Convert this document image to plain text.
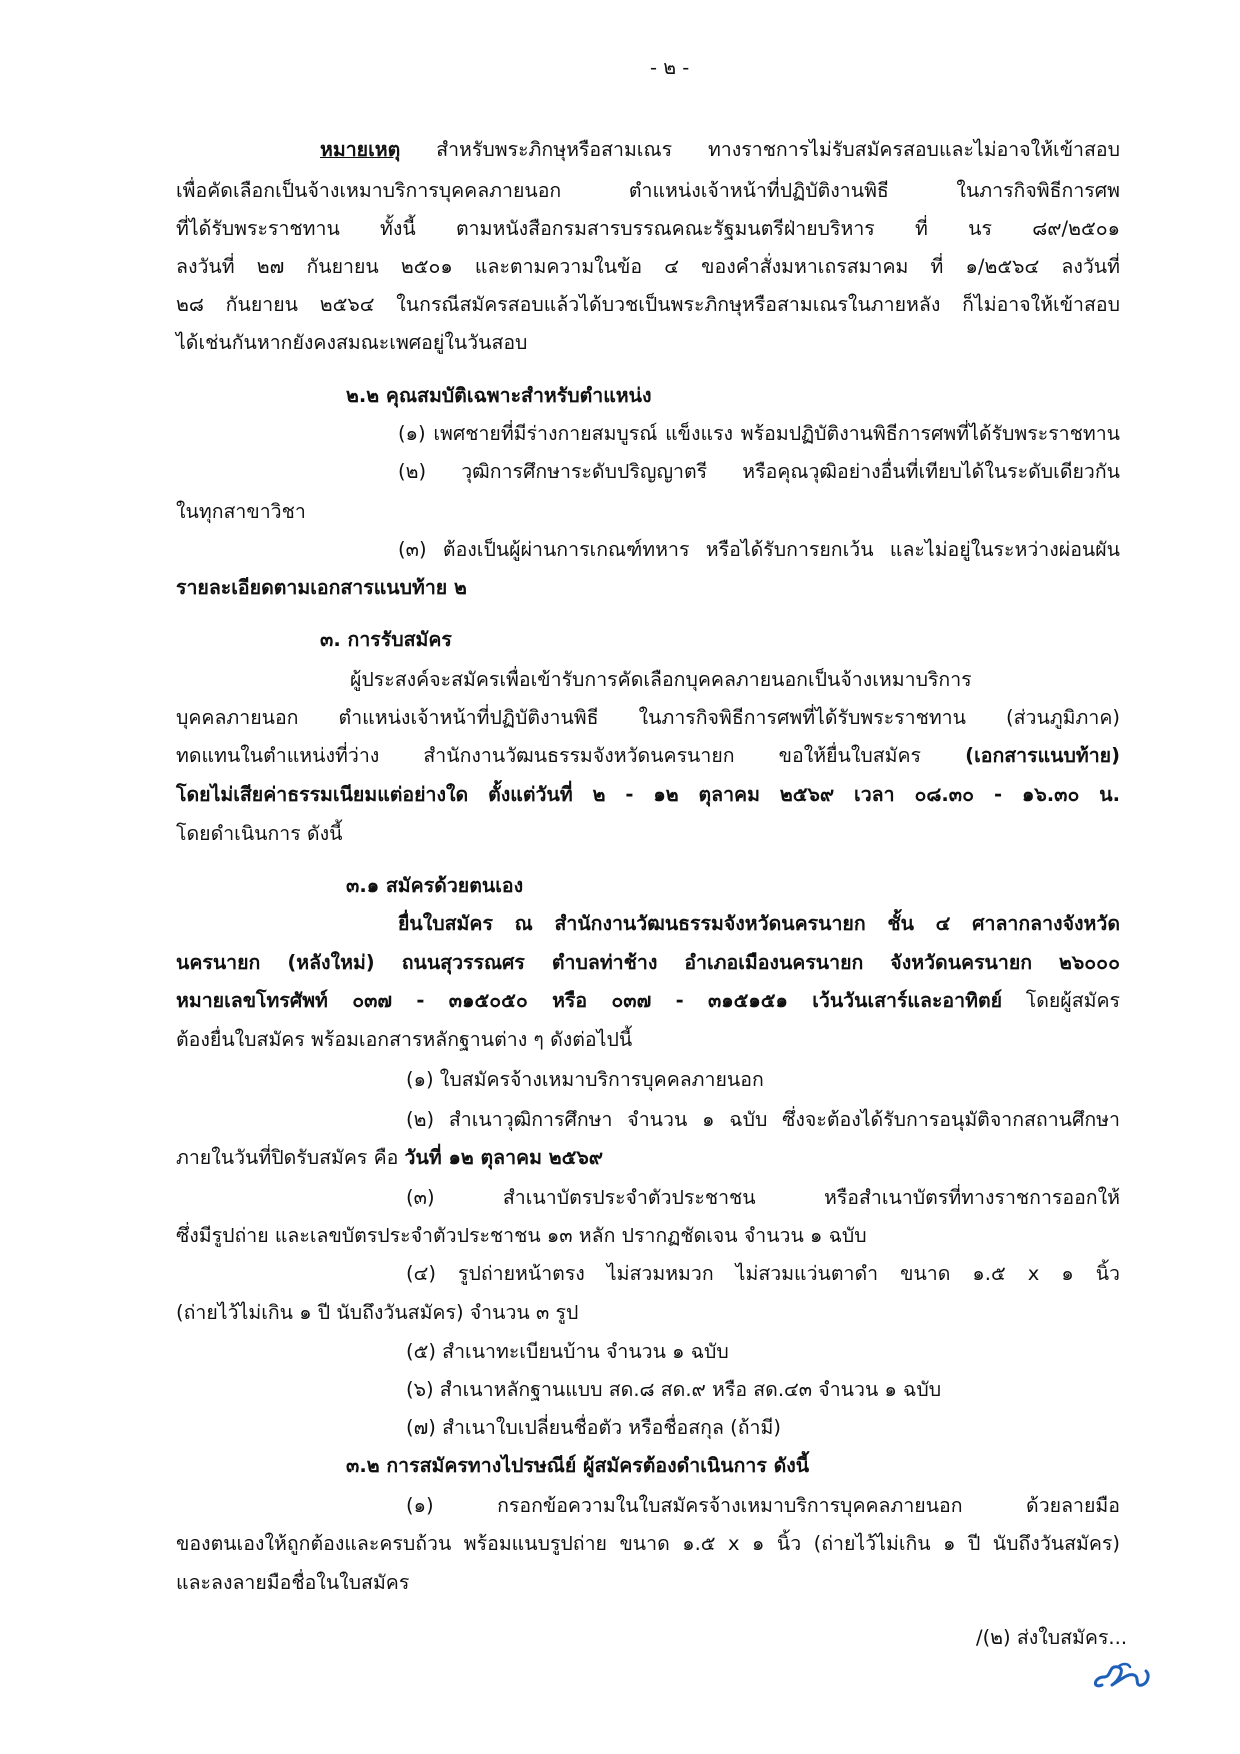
- ๒ -
หมายเหตุ สำหรับพระภิกษุหรือสามเณร ทางราชการไม่รับสมัครสอบและไม่อาจให้เข้าสอบ
เพื่อคัดเลือกเป็นจ้างเหมาบริการบุคคลภายนอก ตำแหน่งเจ้าหน้าที่ปฏิบัติงานพิธี ในภารกิจพิธีการศพ
ที่ได้รับพระราชทาน ทั้งนี้ ตามหนังสือกรมสารบรรณคณะรัฐมนตรีฝ่ายบริหาร ที่ นร ๘๙/๒๕๐๑
ลงวันที่ ๒๗ กันยายน ๒๕๐๑ และตามความในข้อ ๔ ของคำสั่งมหาเถรสมาคม ที่ ๑/๒๕๖๔ ลงวันที่
๒๘ กันยายน ๒๕๖๔ ในกรณีสมัครสอบแล้วได้บวชเป็นพระภิกษุหรือสามเณรในภายหลัง ก็ไม่อาจให้เข้าสอบ
ได้เช่นกันหากยังคงสมณะเพศอยู่ในวันสอบ
๒.๒ คุณสมบัติเฉพาะสำหรับตำแหน่ง
(๑) เพศชายที่มีร่างกายสมบูรณ์ แข็งแรง พร้อมปฏิบัติงานพิธีการศพที่ได้รับพระราชทาน
(๒) วุฒิการศึกษาระดับปริญญาตรี หรือคุณวุฒิอย่างอื่นที่เทียบได้ในระดับเดียวกัน
ในทุกสาขาวิชา
(๓) ต้องเป็นผู้ผ่านการเกณฑ์ทหาร หรือได้รับการยกเว้น และไม่อยู่ในระหว่างผ่อนผัน
รายละเอียดตามเอกสารแนบท้าย ๒
๓. การรับสมัคร
ผู้ประสงค์จะสมัครเพื่อเข้ารับการคัดเลือกบุคคลภายนอกเป็นจ้างเหมาบริการ
บุคคลภายนอก ตำแหน่งเจ้าหน้าที่ปฏิบัติงานพิธี ในภารกิจพิธีการศพที่ได้รับพระราชทาน (ส่วนภูมิภาค)
ทดแทนในตำแหน่งที่ว่าง สำนักงานวัฒนธรรมจังหวัดนครนายก ขอให้ยื่นใบสมัคร (เอกสารแนบท้าย)
โดยไม่เสียค่าธรรมเนียมแต่อย่างใด ตั้งแต่วันที่ ๒ - ๑๒ ตุลาคม ๒๕๖๙ เวลา ๐๘.๓๐ - ๑๖.๓๐ น.
โดยดำเนินการ ดังนี้
๓.๑ สมัครด้วยตนเอง
ยื่นใบสมัคร ณ สำนักงานวัฒนธรรมจังหวัดนครนายก ชั้น ๔ ศาลากลางจังหวัด
นครนายก (หลังใหม่) ถนนสุวรรณศร ตำบลท่าช้าง อำเภอเมืองนครนายก จังหวัดนครนายก ๒๖๐๐๐
หมายเลขโทรศัพท์ ๐๓๗ - ๓๑๕๐๕๐ หรือ ๐๓๗ - ๓๑๕๑๕๑ เว้นวันเสาร์และอาทิตย์ โดยผู้สมัคร
ต้องยื่นใบสมัคร พร้อมเอกสารหลักฐานต่าง ๆ ดังต่อไปนี้
(๑) ใบสมัครจ้างเหมาบริการบุคคลภายนอก
(๒) สำเนาวุฒิการศึกษา จำนวน ๑ ฉบับ ซึ่งจะต้องได้รับการอนุมัติจากสถานศึกษา
ภายในวันที่ปิดรับสมัคร คือ วันที่ ๑๒ ตุลาคม ๒๕๖๙
(๓) สำเนาบัตรประจำตัวประชาชน หรือสำเนาบัตรที่ทางราชการออกให้
ซึ่งมีรูปถ่าย และเลขบัตรประจำตัวประชาชน ๑๓ หลัก ปรากฏชัดเจน จำนวน ๑ ฉบับ
(๔) รูปถ่ายหน้าตรง ไม่สวมหมวก ไม่สวมแว่นตาดำ ขนาด ๑.๕ x ๑ นิ้ว
(ถ่ายไว้ไม่เกิน ๑ ปี นับถึงวันสมัคร) จำนวน ๓ รูป
(๕) สำเนาทะเบียนบ้าน จำนวน ๑ ฉบับ
(๖) สำเนาหลักฐานแบบ สด.๘ สด.๙ หรือ สด.๔๓ จำนวน ๑ ฉบับ
(๗) สำเนาใบเปลี่ยนชื่อตัว หรือชื่อสกุล (ถ้ามี)
๓.๒ การสมัครทางไปรษณีย์ ผู้สมัครต้องดำเนินการ ดังนี้
(๑) กรอกข้อความในใบสมัครจ้างเหมาบริการบุคคลภายนอก ด้วยลายมือ
ของตนเองให้ถูกต้องและครบถ้วน พร้อมแนบรูปถ่าย ขนาด ๑.๕ x ๑ นิ้ว (ถ่ายไว้ไม่เกิน ๑ ปี นับถึงวันสมัคร)
และลงลายมือชื่อในใบสมัคร
/(๒) ส่งใบสมัคร...
